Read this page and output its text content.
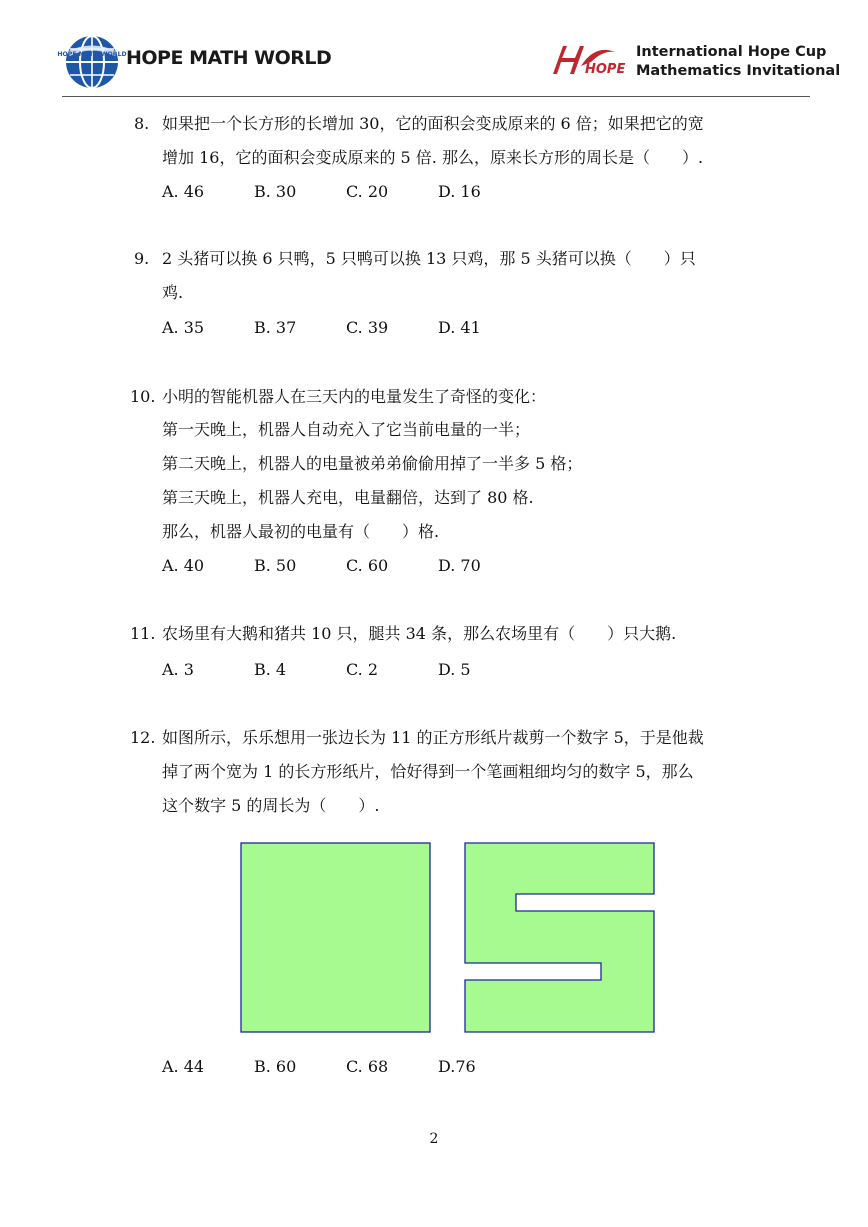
HOPE MATH WORLD HOPE MATH WORLD
HOPE
International Hope Cup
Mathematics Invitational
8. 如果把一个长方形的长增加 30，它的面积会变成原来的 6 倍；如果把它的宽
增加 16，它的面积会变成原来的 5 倍. 那么，原来长方形的周长是（　　）.
A. 46	B. 30	C. 20	D. 16
9. 2 头猪可以换 6 只鸭，5 只鸭可以换 13 只鸡，那 5 头猪可以换（　　）只
鸡.
A. 35	B. 37	C. 39	D. 41
10. 小明的智能机器人在三天内的电量发生了奇怪的变化：
第一天晚上，机器人自动充入了它当前电量的一半；
第二天晚上，机器人的电量被弟弟偷偷用掉了一半多 5 格；
第三天晚上，机器人充电，电量翻倍，达到了 80 格.
那么，机器人最初的电量有（　　）格.
A. 40	B. 50	C. 60	D. 70
11. 农场里有大鹅和猪共 10 只，腿共 34 条，那么农场里有（　　）只大鹅.
A. 3	B. 4	C. 2	D. 5
12. 如图所示，乐乐想用一张边长为 11 的正方形纸片裁剪一个数字 5，于是他裁
掉了两个宽为 1 的长方形纸片，恰好得到一个笔画粗细均匀的数字 5，那么
这个数字 5 的周长为（　　）.
A. 44	B. 60	C. 68	D.76
2
